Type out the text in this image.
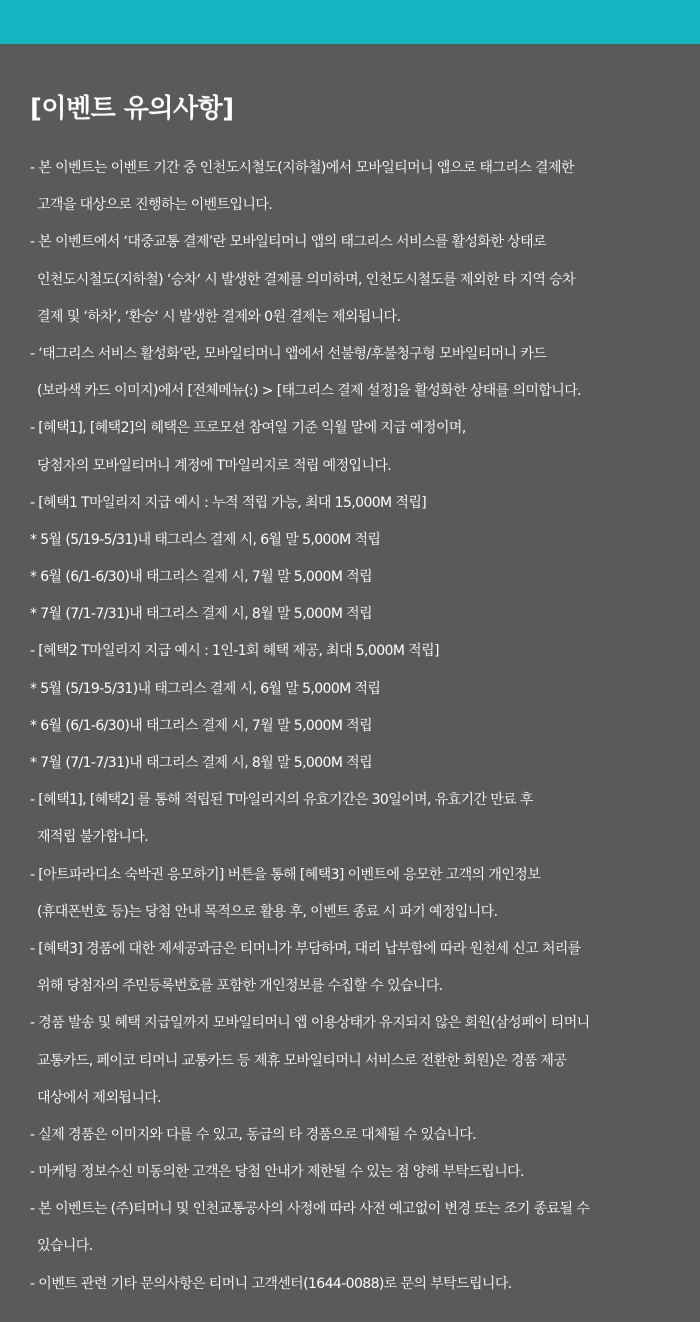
[이벤트 유의사항]
- 본 이벤트는 이벤트 기간 중 인천도시철도(지하철)에서 모바일티머니 앱으로 태그리스 결제한
고객을 대상으로 진행하는 이벤트입니다.
- 본 이벤트에서 ‘대중교통 결제’란 모바일티머니 앱의 태그리스 서비스를 활성화한 상태로
인천도시철도(지하철) ‘승차‘ 시 발생한 결제를 의미하며, 인천도시철도를 제외한 타 지역 승차
결제 및 ‘하차‘, ‘환승‘ 시 발생한 결제와 0원 결제는 제외됩니다.
- ‘태그리스 서비스 활성화’란, 모바일티머니 앱에서 선불형/후불청구형 모바일티머니 카드
(보라색 카드 이미지)에서 [전체메뉴(:) > [태그리스 결제 설정]을 활성화한 상태를 의미합니다.
- [혜택1], [혜택2]의 혜택은 프로모션 참여일 기준 익월 말에 지급 예정이며,
당첨자의 모바일티머니 계정에 T마일리지로 적립 예정입니다.
- [혜택1 T마일리지 지급 예시 : 누적 적립 가능, 최대 15,000M 적립]
* 5월 (5/19-5/31)내 태그리스 결제 시, 6월 말 5,000M 적립
* 6월 (6/1-6/30)내 태그리스 결제 시, 7월 말 5,000M 적립
* 7월 (7/1-7/31)내 태그리스 결제 시, 8월 말 5,000M 적립
- [혜택2 T마일리지 지급 예시 : 1인-1회 혜택 제공, 최대 5,000M 적립]
* 5월 (5/19-5/31)내 태그리스 결제 시, 6월 말 5,000M 적립
* 6월 (6/1-6/30)내 태그리스 결제 시, 7월 말 5,000M 적립
* 7월 (7/1-7/31)내 태그리스 결제 시, 8월 말 5,000M 적립
- [혜택1], [혜택2] 를 통해 적립된 T마일리지의 유효기간은 30일이며, 유효기간 만료 후
재적립 불가합니다.
- [아트파라디소 숙박권 응모하기] 버튼을 통해 [혜택3] 이벤트에 응모한 고객의 개인정보
(휴대폰번호 등)는 당첨 안내 목적으로 활용 후, 이벤트 종료 시 파기 예정입니다.
- [혜택3] 경품에 대한 제세공과금은 티머니가 부담하며, 대리 납부함에 따라 원천세 신고 처리를
위해 당첨자의 주민등록번호를 포함한 개인정보를 수집할 수 있습니다.
- 경품 발송 및 혜택 지급일까지 모바일티머니 앱 이용상태가 유지되지 않은 회원(삼성페이 티머니
교통카드, 페이코 티머니 교통카드 등 제휴 모바일티머니 서비스로 전환한 회원)은 경품 제공
대상에서 제외됩니다.
- 실제 경품은 이미지와 다를 수 있고, 동급의 타 경품으로 대체될 수 있습니다.
- 마케팅 정보수신 미동의한 고객은 당첨 안내가 제한될 수 있는 점 양해 부탁드립니다.
- 본 이벤트는 (주)티머니 및 인천교통공사의 사정에 따라 사전 예고없이 변경 또는 조기 종료될 수
있습니다.
- 이벤트 관련 기타 문의사항은 티머니 고객센터(1644-0088)로 문의 부탁드립니다.
